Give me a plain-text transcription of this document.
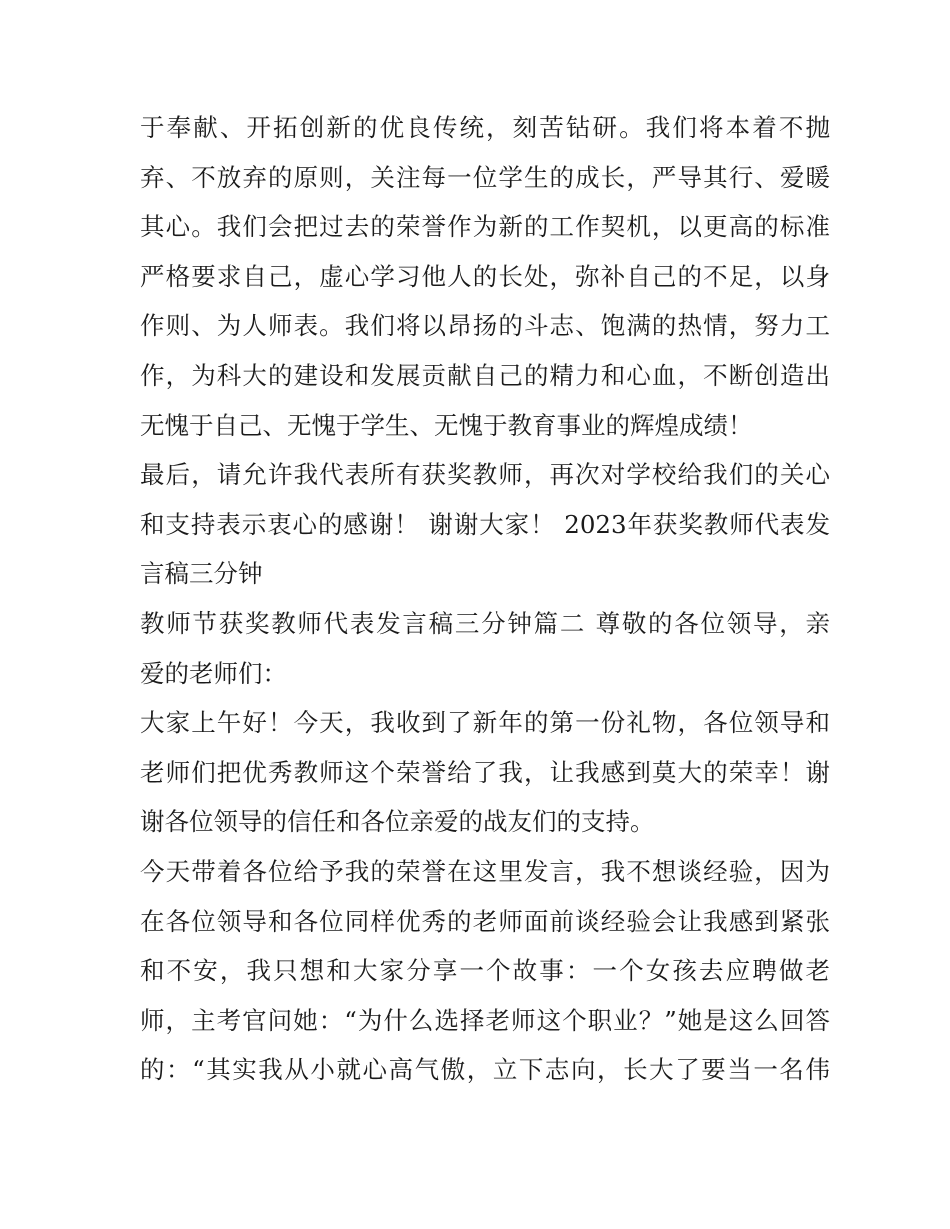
于奉献、开拓创新的优良传统，刻苦钻研。我们将本着不抛
弃、不放弃的原则，关注每一位学生的成长，严导其行、爱暖
其心。我们会把过去的荣誉作为新的工作契机，以更高的标准
严格要求自己，虚心学习他人的长处，弥补自己的不足，以身
作则、为人师表。我们将以昂扬的斗志、饱满的热情，努力工
作，为科大的建设和发展贡献自己的精力和心血，不断创造出
无愧于自己、无愧于学生、无愧于教育事业的辉煌成绩！
最后，请允许我代表所有获奖教师，再次对学校给我们的关心
和支持表示衷心的感谢！ 谢谢大家！ 2023年获奖教师代表发
言稿三分钟
教师节获奖教师代表发言稿三分钟篇二 尊敬的各位领导，亲
爱的老师们：
大家上午好！今天，我收到了新年的第一份礼物，各位领导和
老师们把优秀教师这个荣誉给了我，让我感到莫大的荣幸！谢
谢各位领导的信任和各位亲爱的战友们的支持。
今天带着各位给予我的荣誉在这里发言，我不想谈经验，因为
在各位领导和各位同样优秀的老师面前谈经验会让我感到紧张
和不安，我只想和大家分享一个故事：一个女孩去应聘做老
师，主考官问她：“为什么选择老师这个职业？”她是这么回答
的：“其实我从小就心高气傲，立下志向，长大了要当一名伟
